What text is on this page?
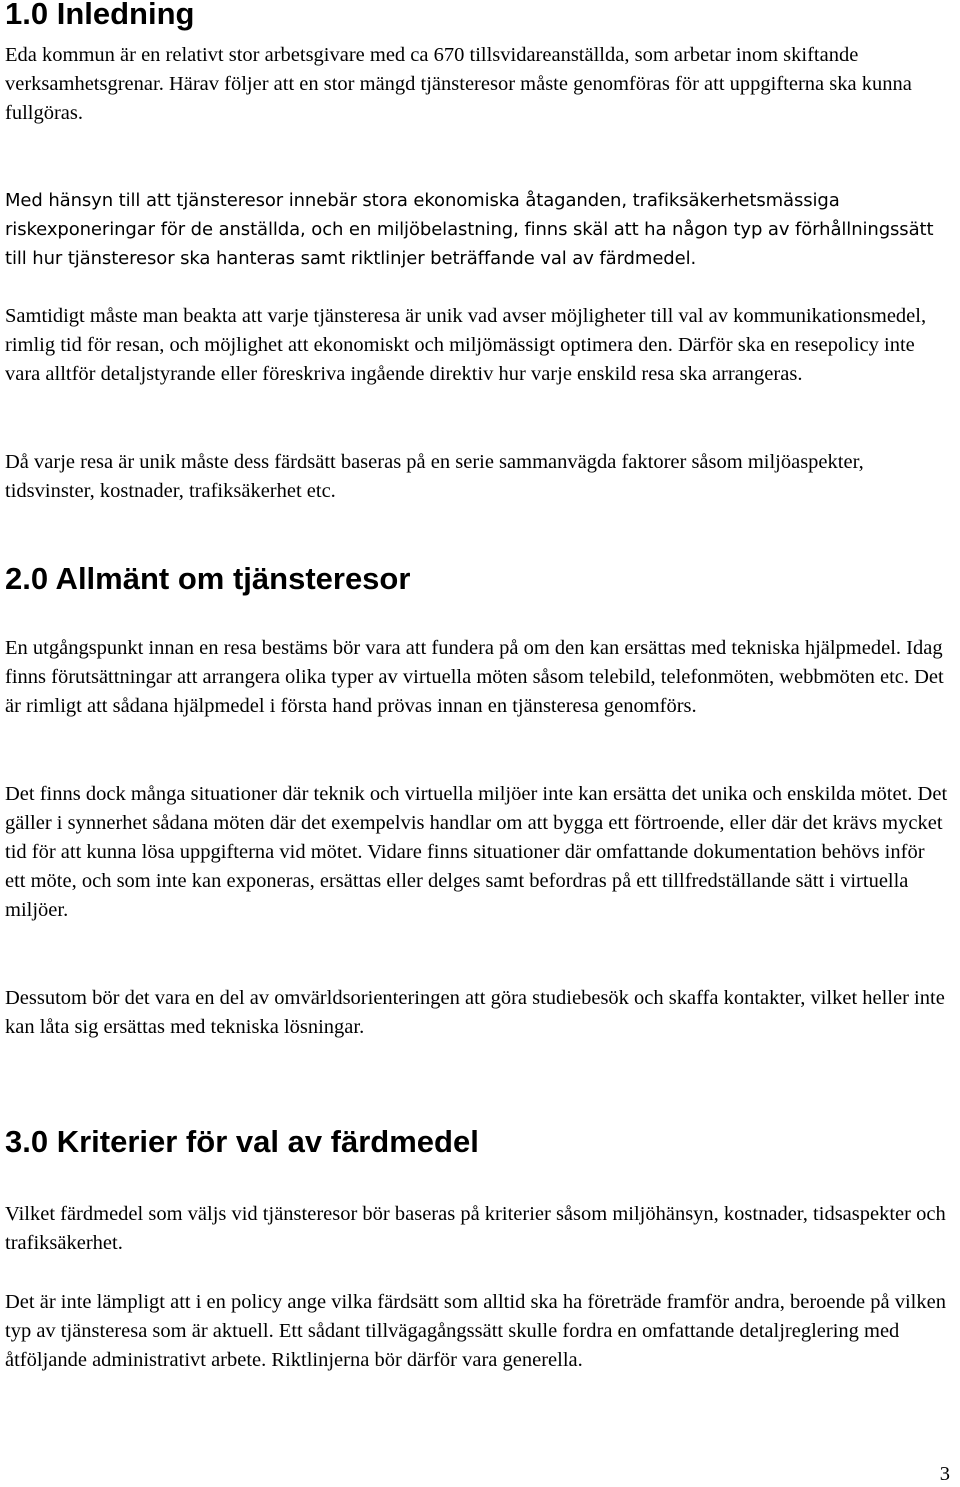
1.0 Inledning

Eda kommun är en relativt stor arbetsgivare med ca 670 tillsvidareanställda, som arbetar inom skiftande verksamhetsgrenar. Härav följer att en stor mängd tjänsteresor måste genomföras för att uppgifterna ska kunna fullgöras.

Med hänsyn till att tjänsteresor innebär stora ekonomiska åtaganden, trafiksäkerhetsmässiga riskexponeringar för de anställda, och en miljöbelastning, finns skäl att ha någon typ av förhållningssätt till hur tjänsteresor ska hanteras samt riktlinjer beträffande val av färdmedel.

Samtidigt måste man beakta att varje tjänsteresa är unik vad avser möjligheter till val av kommunikationsmedel, rimlig tid för resan, och möjlighet att ekonomiskt och miljömässigt optimera den. Därför ska en resepolicy inte vara alltför detaljstyrande eller föreskriva ingående direktiv hur varje enskild resa ska arrangeras.

Då varje resa är unik måste dess färdsätt baseras på en serie sammanvägda faktorer såsom miljöaspekter, tidsvinster, kostnader, trafiksäkerhet etc.

2.0 Allmänt om tjänsteresor

En utgångspunkt innan en resa bestäms bör vara att fundera på om den kan ersättas med tekniska hjälpmedel. Idag finns förutsättningar att arrangera olika typer av virtuella möten såsom telebild, telefonmöten, webbmöten etc. Det är rimligt att sådana hjälpmedel i första hand prövas innan en tjänsteresa genomförs.

Det finns dock många situationer där teknik och virtuella miljöer inte kan ersätta det unika och enskilda mötet. Det gäller i synnerhet sådana möten där det exempelvis handlar om att bygga ett förtroende, eller där det krävs mycket tid för att kunna lösa uppgifterna vid mötet. Vidare finns situationer där omfattande dokumentation behövs inför ett möte, och som inte kan exponeras, ersättas eller delges samt befordras på ett tillfredställande sätt i virtuella miljöer.

Dessutom bör det vara en del av omvärldsorienteringen att göra studiebesök och skaffa kontakter, vilket heller inte kan låta sig ersättas med tekniska lösningar.

3.0 Kriterier för val av färdmedel

Vilket färdmedel som väljs vid tjänsteresor bör baseras på kriterier såsom miljöhänsyn, kostnader, tidsaspekter och trafiksäkerhet.

Det är inte lämpligt att i en policy ange vilka färdsätt som alltid ska ha företräde framför andra, beroende på vilken typ av tjänsteresa som är aktuell. Ett sådant tillvägagångssätt skulle fordra en omfattande detaljreglering med åtföljande administrativt arbete. Riktlinjerna bör därför vara generella.

3
